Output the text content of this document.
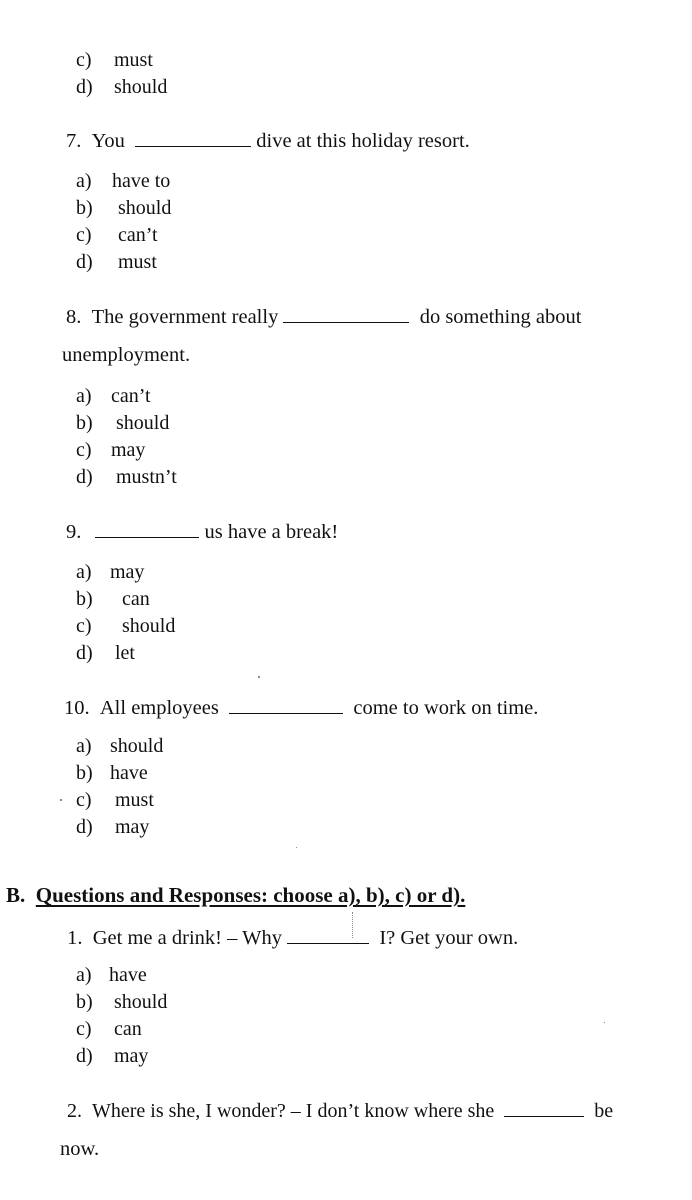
c) must
d) should
7. You	dive at this holiday resort.
a) have to
b) should
c) can’t
d) must
8. The government really	do something about
unemployment.
a) can’t
b) should
c) may
d) mustn’t
9.	us have a break!
a) may
b) can
c) should
d) let
10. All employees	come to work on time.
a) should
b) have
c) must
d) may
B. Questions and Responses: choose a), b), c) or d).
1. Get me a drink! – Why	I? Get your own.
a) have
b) should
c) can
d) may
2. Where is she, I wonder? – I don’t know where she	be
now.
